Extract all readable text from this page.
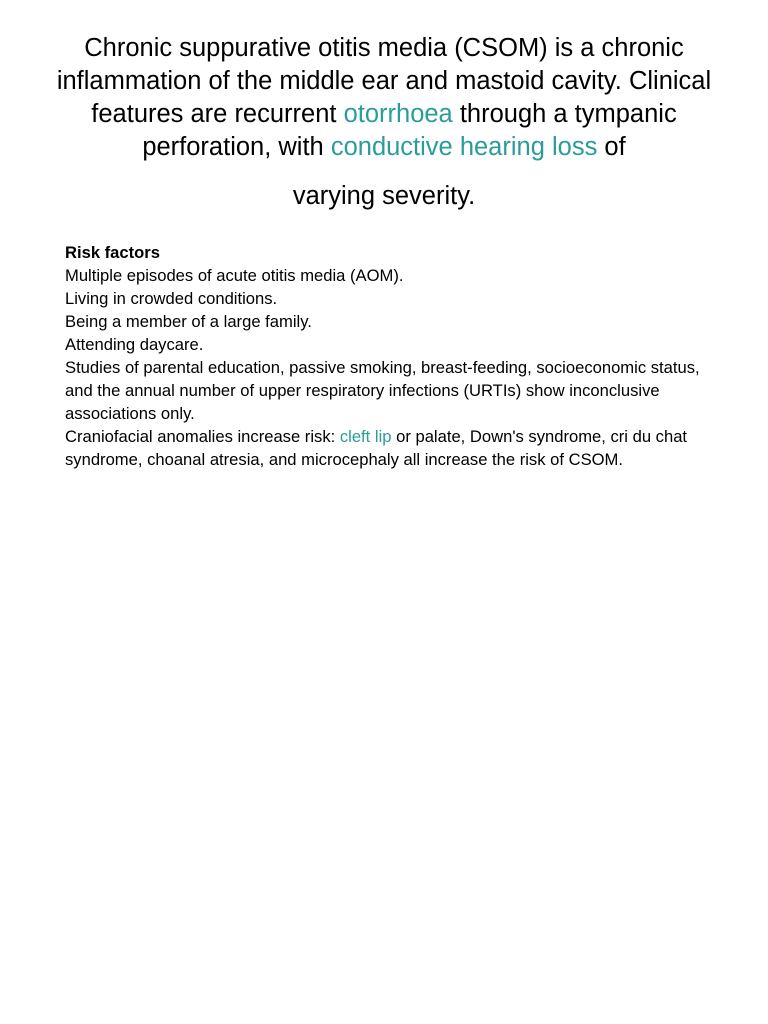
Chronic suppurative otitis media (CSOM) is a chronic inflammation of the middle ear and mastoid cavity. Clinical features are recurrent otorrhoea through a tympanic perforation, with conductive hearing loss of

varying severity.

Risk factors

Multiple episodes of acute otitis media (AOM).

Living in crowded conditions.

Being a member of a large family.

Attending daycare.

Studies of parental education, passive smoking, breast-feeding, socioeconomic status, and the annual number of upper respiratory infections (URTIs) show inconclusive associations only.

Craniofacial anomalies increase risk: cleft lip or palate, Down's syndrome, cri du chat syndrome, choanal atresia, and microcephaly all increase the risk of CSOM.
